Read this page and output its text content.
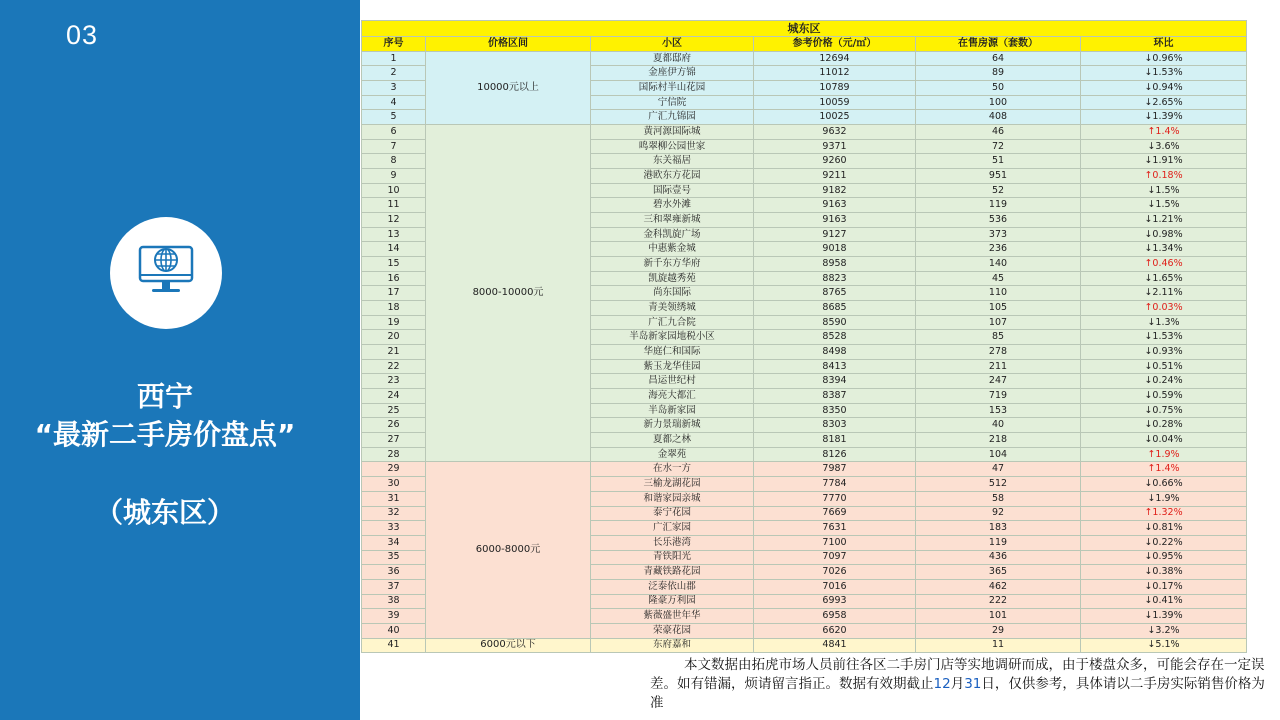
03
西宁
“最新二手房价盘点”
（城东区）
城东区					
序号	价格区间	小区	参考价格（元/㎡）	在售房源（套数）	环比
1	10000元以上	夏都邸府	12694	64	↓0.96%
2		金座伊方锦	11012	89	↓1.53%
3		国际村半山花园	10789	50	↓0.94%
4		宁信院	10059	100	↓2.65%
5		广汇九锦园	10025	408	↓1.39%
6	8000-10000元	黄河源国际城	9632	46	↑1.4%
7		鸣翠柳公园世家	9371	72	↓3.6%
8		东关福居	9260	51	↓1.91%
9		港欧东方花园	9211	951	↑0.18%
10		国际壹号	9182	52	↓1.5%
11		碧水外滩	9163	119	↓1.5%
12		三和翠雍新城	9163	536	↓1.21%
13		金科凯旋广场	9127	373	↓0.98%
14		中惠紫金城	9018	236	↓1.34%
15		新千东方华府	8958	140	↑0.46%
16		凯旋越秀苑	8823	45	↓1.65%
17		尚东国际	8765	110	↓2.11%
18		青美领绣城	8685	105	↑0.03%
19		广汇九合院	8590	107	↓1.3%
20		半岛新家园地税小区	8528	85	↓1.53%
21		华庭仁和国际	8498	278	↓0.93%
22		紫玉龙华佳园	8413	211	↓0.51%
23		昌运世纪村	8394	247	↓0.24%
24		海亮大都汇	8387	719	↓0.59%
25		半岛新家园	8350	153	↓0.75%
26		新力景瑞新城	8303	40	↓0.28%
27		夏都之林	8181	218	↓0.04%
28		金翠苑	8126	104	↑1.9%
29	6000-8000元	在水一方	7987	47	↑1.4%
30		三榆龙湖花园	7784	512	↓0.66%
31		和谐家园亲城	7770	58	↓1.9%
32		泰宁花园	7669	92	↑1.32%
33		广汇家园	7631	183	↓0.81%
34		长乐港湾	7100	119	↓0.22%
35		青铁阳光	7097	436	↓0.95%
36		青藏铁路花园	7026	365	↓0.38%
37		泛泰依山郡	7016	462	↓0.17%
38		隆豪万利园	6993	222	↓0.41%
39		紫薇盛世年华	6958	101	↓1.39%
40		荣豪花园	6620	29	↓3.2%
41	6000元以下	东府嘉和	4841	11	↓5.1%
本文数据由拓虎市场人员前往各区二手房门店等实地调研而成，由于楼盘众多，可能会存在一定误差。如有错漏，烦请留言指正。数据有效期截止12月31日，仅供参考，具体请以二手房实际销售价格为准
